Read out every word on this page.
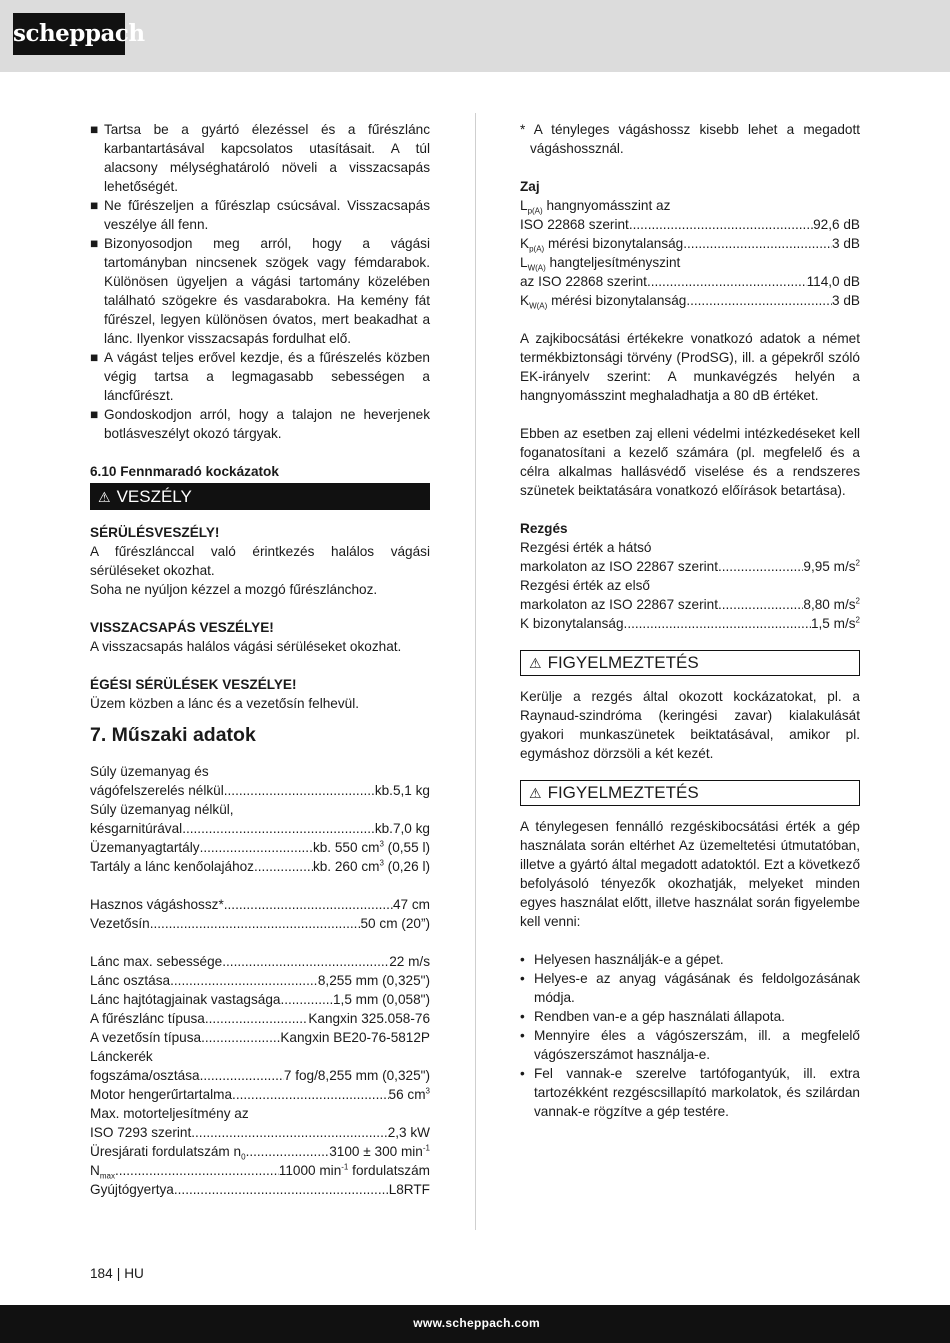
scheppach
■ Tartsa be a gyártó élezéssel és a fűrészlánc karbantartásával kapcsolatos utasításait. A túl alacsony mélységhatároló növeli a visszacsapás lehetőségét.
■ Ne fűrészeljen a fűrészlap csúcsával. Visszacsapás veszélye áll fenn.
■ Bizonyosodjon meg arról, hogy a vágási tartományban nincsenek szögek vagy fémdarabok. Különösen ügyeljen a vágási tartomány közelében található szögekre és vasdarabokra. Ha kemény fát fűrészel, legyen különösen óvatos, mert beakadhat a lánc. Ilyenkor visszacsapás fordulhat elő.
■ A vágást teljes erővel kezdje, és a fűrészelés közben végig tartsa a legmagasabb sebességen a láncfűrészt.
■ Gondoskodjon arról, hogy a talajon ne heverjenek botlásveszélyt okozó tárgyak.

6.10 Fennmaradó kockázatok

⚠ VESZÉLY

SÉRÜLÉSVESZÉLY!

A fűrészlánccal való érintkezés halálos vágási sérüléseket okozhat.

Soha ne nyúljon kézzel a mozgó fűrészlánchoz.

VISSZACSAPÁS VESZÉLYE!

A visszacsapás halálos vágási sérüléseket okozhat.

ÉGÉSI SÉRÜLÉSEK VESZÉLYE!

Üzem közben a lánc és a vezetősín felhevül.

7. Műszaki adatok

Súly üzemanyag és

vágófelszerelés nélkül .....	kb.5,1 kg

Súly üzemanyag nélkül,

késgarnitúrával .....	kb.7,0 kg
Üzemanyagtartály .....	kb. 550 $cm^3$ (0,55 l)
Tartály a lánc kenőolajához .....	kb. 260 $cm^3$ (0,26 l)
Hasznos vágáshossz* .....	47 cm
Vezetősín .....	50 cm (20”)
Lánc max. sebessége .....	22 m/s
Lánc osztása .....	8,255 mm (0,325")
Lánc hajtótagjainak vastagsága .....	1,5 mm (0,058")
A fűrészlánc típusa .....	Kangxin 325.058-76
A vezetősín típusa .....	Kangxin BE20-76-5812P

Lánckerék

fogszáma/osztása .....	7 fog/8,255 mm (0,325")
Motor hengerűrtartalma .....	56 $cm^3$

Max. motorteljesítmény az

ISO 7293 szerint .....	2,3 kW
Üresjárati fordulatszám $n_0$ .....	3100 ± 300 $\min^{-1}$
$N_{max}$ .....	11000 $\min^{-1}$ fordulatszám
Gyújtógyertya .....	L8RTF

* A tényleges vágáshossz kisebb lehet a megadott vágáshossznál.

Zaj

$L_{p(A)}$ hangnyomásszint az

ISO 22868 szerint .....	92,6 dB
$K_{p(A)}$ mérési bizonytalanság .....	3 dB

$L_{W(A)}$ hangteljesítményszint

az ISO 22868 szerint .....	114,0 dB
$K_{W(A)}$ mérési bizonytalanság .....	3 dB

A zajkibocsátási értékekre vonatkozó adatok a német termékbiztonsági törvény (ProdSG), ill. a gépekről szóló EK-irányelv szerint: A munkavégzés helyén a hangnyomásszint meghaladhatja a 80 dB értéket.

Ebben az esetben zaj elleni védelmi intézkedéseket kell foganatosítani a kezelő számára (pl. megfelelő és a célra alkalmas hallásvédő viselése és a rendszeres szünetek beiktatására vonatkozó előírások betartása).

Rezgés

Rezgési érték a hátsó

markolaton az ISO 22867 szerint .....	9,95 $m/s^2$

Rezgési érték az első

markolaton az ISO 22867 szerint .....	8,80 $m/s^2$
K bizonytalanság .....	1,5 $m/s^2$
⚠ FIGYELMEZTETÉS

Kerülje a rezgés által okozott kockázatokat, pl. a Raynaud-szindróma (keringési zavar) kialakulását gyakori munkaszünetek beiktatásával, amikor pl. egymáshoz dörzsöli a két kezét.

⚠ FIGYELMEZTETÉS

A ténylegesen fennálló rezgéskibocsátási érték a gép használata során eltérhet Az üzemeltetési útmutatóban, illetve a gyártó által megadott adatoktól. Ezt a következő befolyásoló tényezők okozhatják, melyeket minden egyes használat előtt, illetve használat során figyelembe kell venni:

• Helyesen használják-e a gépet.
• Helyes-e az anyag vágásának és feldolgozásának módja.
• Rendben van-e a gép használati állapota.
• Mennyire éles a vágószerszám, ill. a megfelelő vágószerszámot használja-e.
• Fel vannak-e szerelve tartófogantyúk, ill. extra tartozékként rezgéscsillapító markolatok, és szilárdan vannak-e rögzítve a gép testére.
184 | HU
www.scheppach.com
